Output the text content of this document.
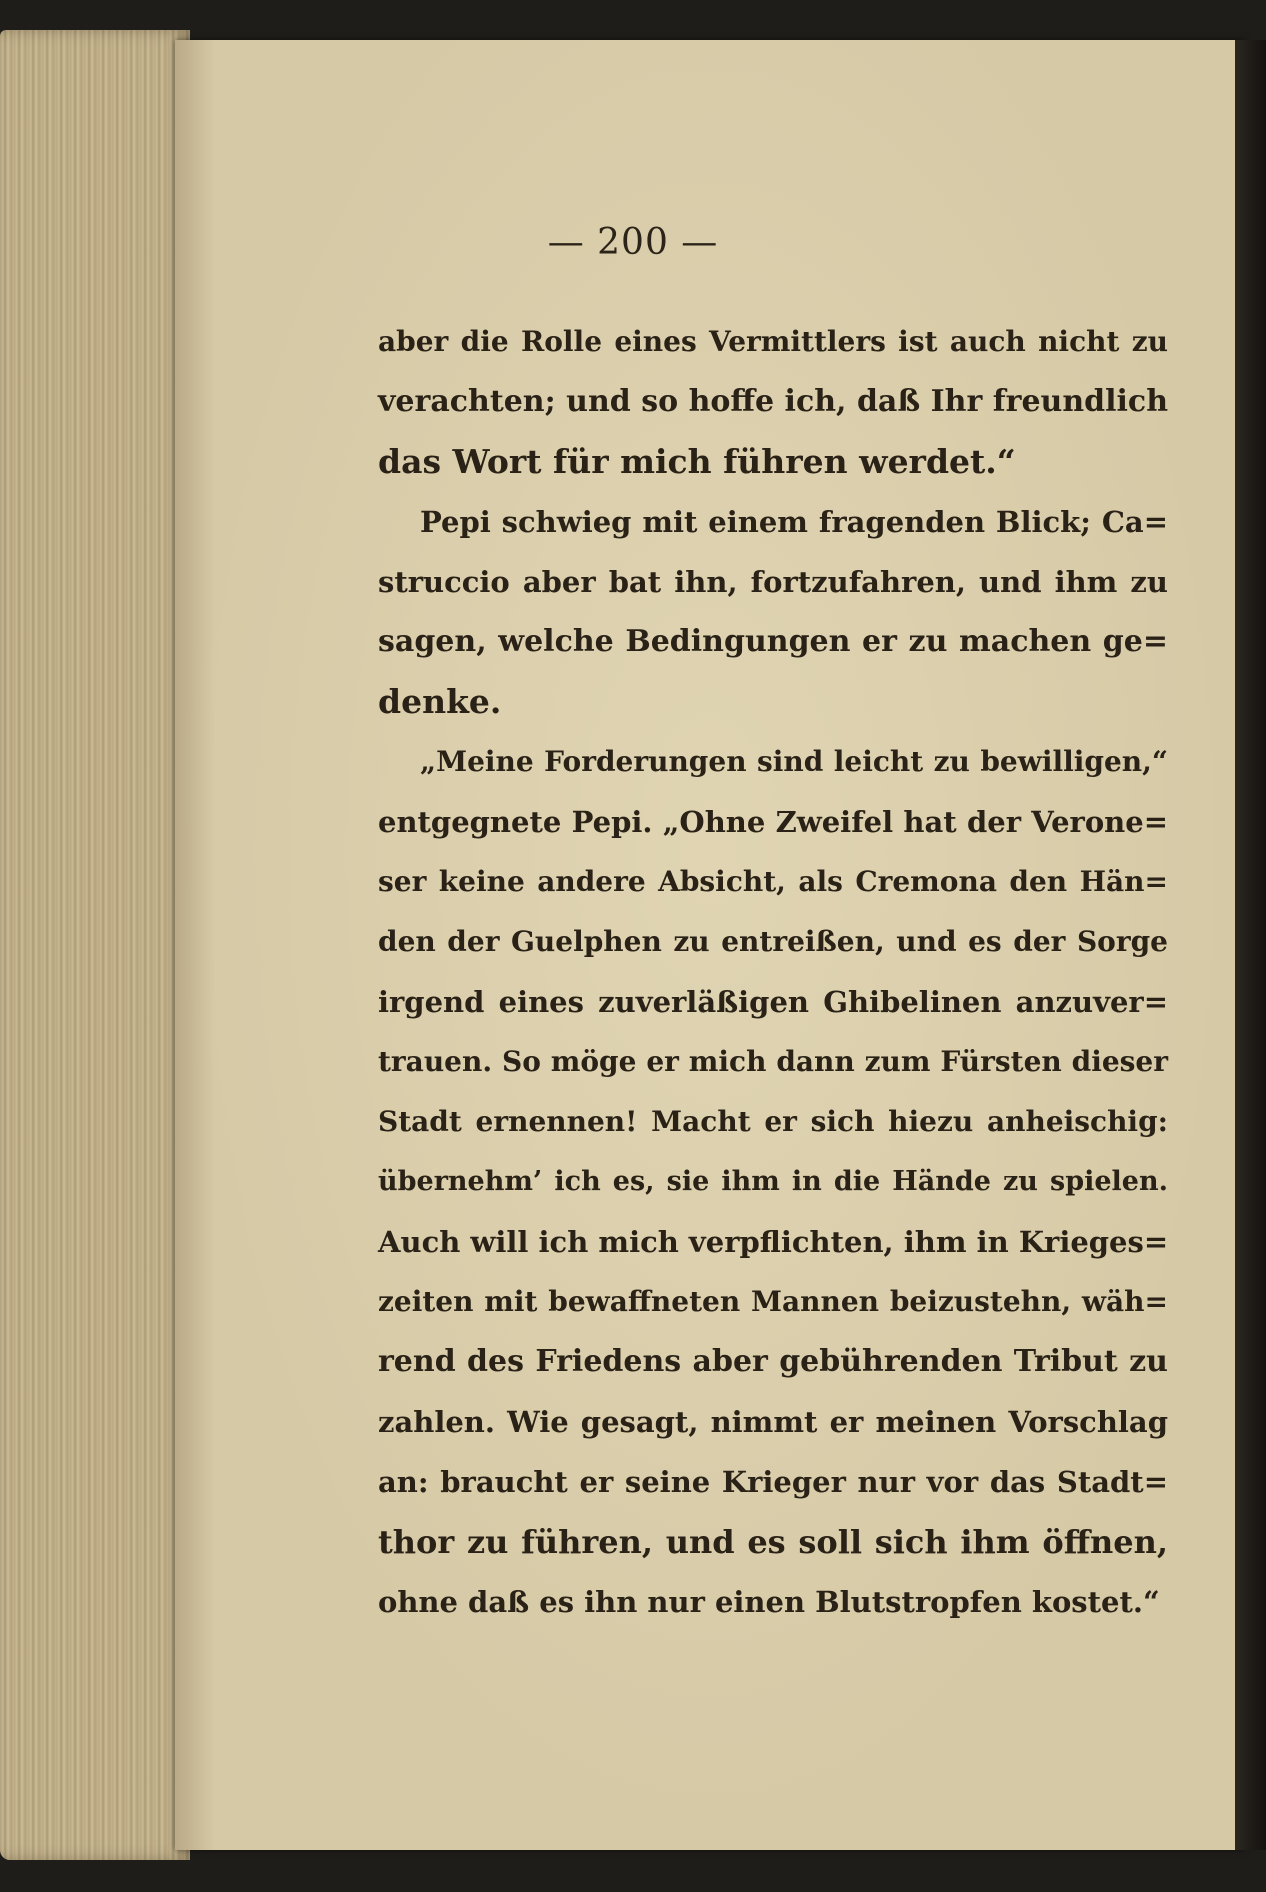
— 200 —
aber die Rolle eines Vermittlers ist auch nicht zu
verachten; und so hoffe ich, daß Ihr freundlich
das Wort für mich führen werdet.“
Pepi schwieg mit einem fragenden Blick; Ca=
struccio aber bat ihn, fortzufahren, und ihm zu
sagen, welche Bedingungen er zu machen ge=
denke.
„Meine Forderungen sind leicht zu bewilligen,“
entgegnete Pepi. „Ohne Zweifel hat der Verone=
ser keine andere Absicht, als Cremona den Hän=
den der Guelphen zu entreißen, und es der Sorge
irgend eines zuverläßigen Ghibelinen anzuver=
trauen. So möge er mich dann zum Fürsten dieser
Stadt ernennen! Macht er sich hiezu anheischig:
übernehm’ ich es, sie ihm in die Hände zu spielen.
Auch will ich mich verpflichten, ihm in Krieges=
zeiten mit bewaffneten Mannen beizustehn, wäh=
rend des Friedens aber gebührenden Tribut zu
zahlen. Wie gesagt, nimmt er meinen Vorschlag
an: braucht er seine Krieger nur vor das Stadt=
thor zu führen, und es soll sich ihm öffnen,
ohne daß es ihn nur einen Blutstropfen kostet.“
